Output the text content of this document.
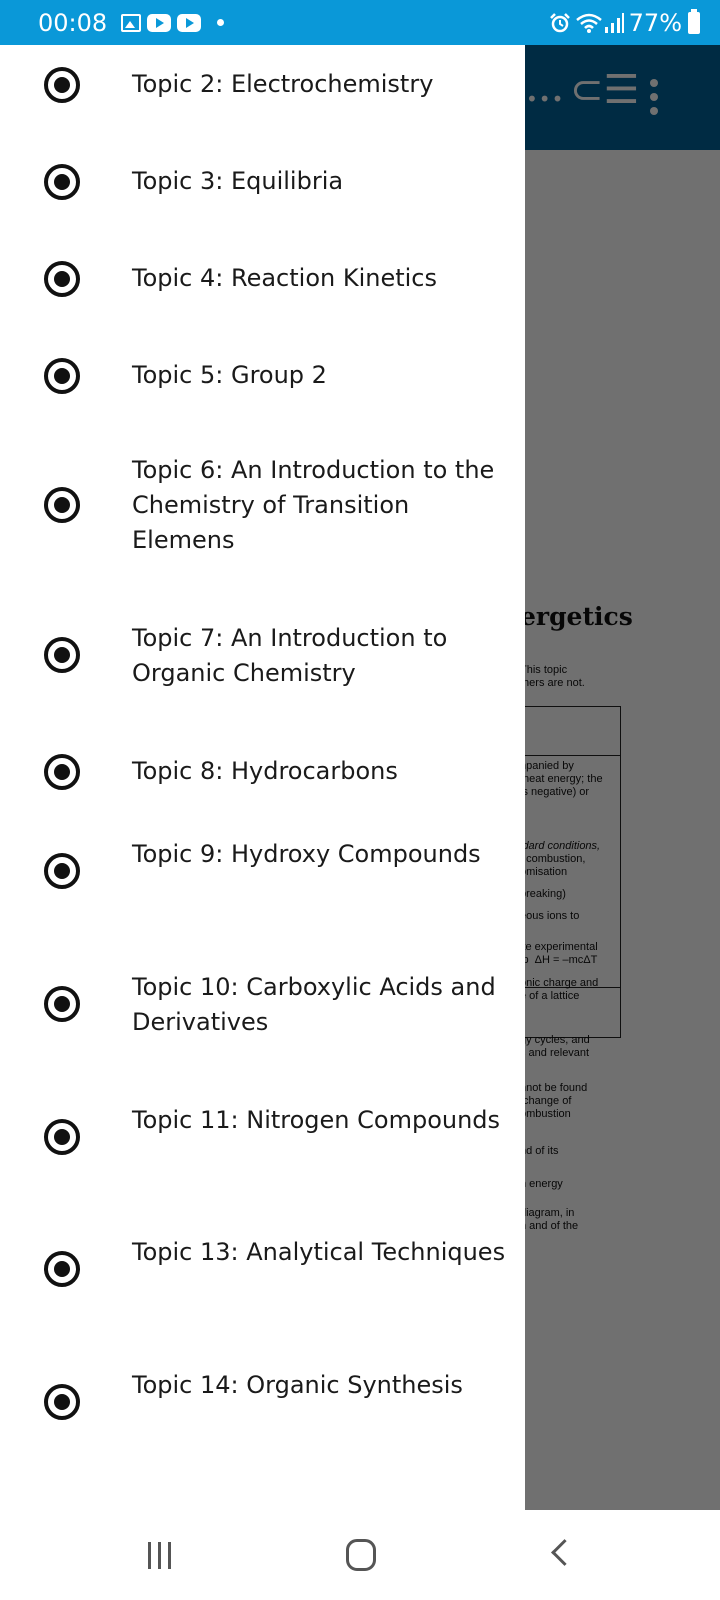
00:08	77%
Topic 2: Electrochemistry
Topic 3: Equilibria
Topic 4: Reaction Kinetics
Topic 5: Group 2
Topic 6: An Introduction to the Chemistry of Transition Elemens
Topic 7: An Introduction to Organic Chemistry
Topic 8: Hydrocarbons
Topic 9: Hydroxy Compounds
Topic 10: Carboxylic Acids and Derivatives
Topic 11: Nitrogen Compounds
Topic 13: Analytical Techniques
Topic 14: Organic Synthesis
